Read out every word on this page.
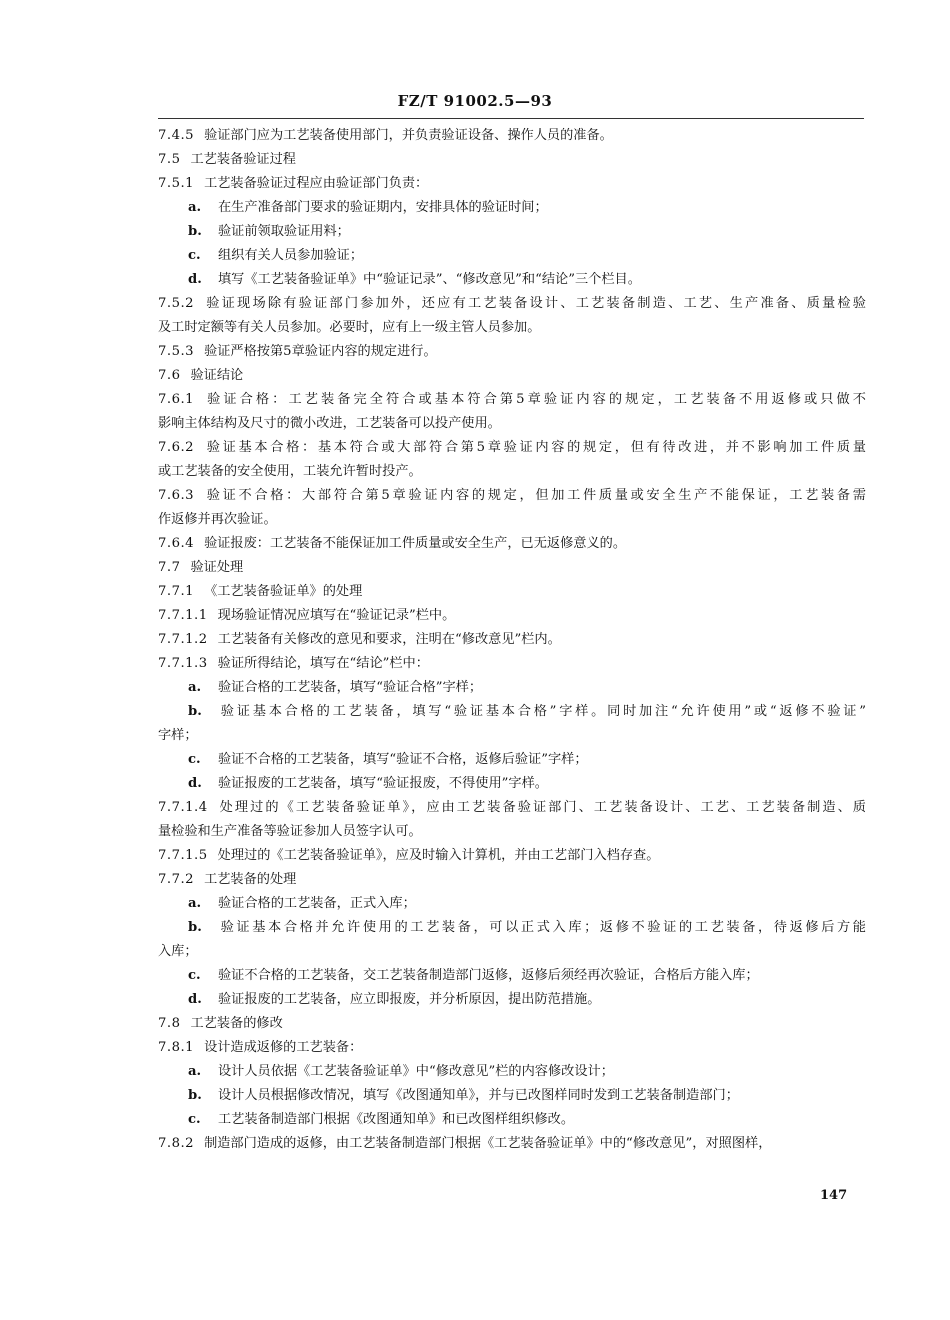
FZ/T 91002.5—93
7.4.5 验证部门应为工艺装备使用部门，并负责验证设备、操作人员的准备。
7.5 工艺装备验证过程
7.5.1 工艺装备验证过程应由验证部门负责：
a. 在生产准备部门要求的验证期内，安排具体的验证时间；
b. 验证前领取验证用料；
c. 组织有关人员参加验证；
d. 填写《工艺装备验证单》中“验证记录”、“修改意见”和“结论”三个栏目。
7.5.2 验证现场除有验证部门参加外，还应有工艺装备设计、工艺装备制造、工艺、生产准备、质量检验
及工时定额等有关人员参加。必要时，应有上一级主管人员参加。
7.5.3 验证严格按第5章验证内容的规定进行。
7.6 验证结论
7.6.1 验证合格：工艺装备完全符合或基本符合第5章验证内容的规定，工艺装备不用返修或只做不
影响主体结构及尺寸的微小改进，工艺装备可以投产使用。
7.6.2 验证基本合格：基本符合或大部符合第5章验证内容的规定，但有待改进，并不影响加工件质量
或工艺装备的安全使用，工装允许暂时投产。
7.6.3 验证不合格：大部符合第5章验证内容的规定，但加工件质量或安全生产不能保证，工艺装备需
作返修并再次验证。
7.6.4 验证报废：工艺装备不能保证加工件质量或安全生产，已无返修意义的。
7.7 验证处理
7.7.1 《工艺装备验证单》的处理
7.7.1.1 现场验证情况应填写在“验证记录”栏中。
7.7.1.2 工艺装备有关修改的意见和要求，注明在“修改意见”栏内。
7.7.1.3 验证所得结论，填写在“结论”栏中：
a. 验证合格的工艺装备，填写“验证合格”字样；
b. 验证基本合格的工艺装备，填写“验证基本合格”字样。同时加注“允许使用”或“返修不验证”
字样；
c. 验证不合格的工艺装备，填写“验证不合格，返修后验证”字样；
d. 验证报废的工艺装备，填写“验证报废，不得使用”字样。
7.7.1.4 处理过的《工艺装备验证单》，应由工艺装备验证部门、工艺装备设计、工艺、工艺装备制造、质
量检验和生产准备等验证参加人员签字认可。
7.7.1.5 处理过的《工艺装备验证单》，应及时输入计算机，并由工艺部门入档存查。
7.7.2 工艺装备的处理
a. 验证合格的工艺装备，正式入库；
b. 验证基本合格并允许使用的工艺装备，可以正式入库；返修不验证的工艺装备，待返修后方能
入库；
c. 验证不合格的工艺装备，交工艺装备制造部门返修，返修后须经再次验证，合格后方能入库；
d. 验证报废的工艺装备，应立即报废，并分析原因，提出防范措施。
7.8 工艺装备的修改
7.8.1 设计造成返修的工艺装备：
a. 设计人员依据《工艺装备验证单》中“修改意见”栏的内容修改设计；
b. 设计人员根据修改情况，填写《改图通知单》，并与已改图样同时发到工艺装备制造部门；
c. 工艺装备制造部门根据《改图通知单》和已改图样组织修改。
7.8.2 制造部门造成的返修，由工艺装备制造部门根据《工艺装备验证单》中的“修改意见”，对照图样，
147
